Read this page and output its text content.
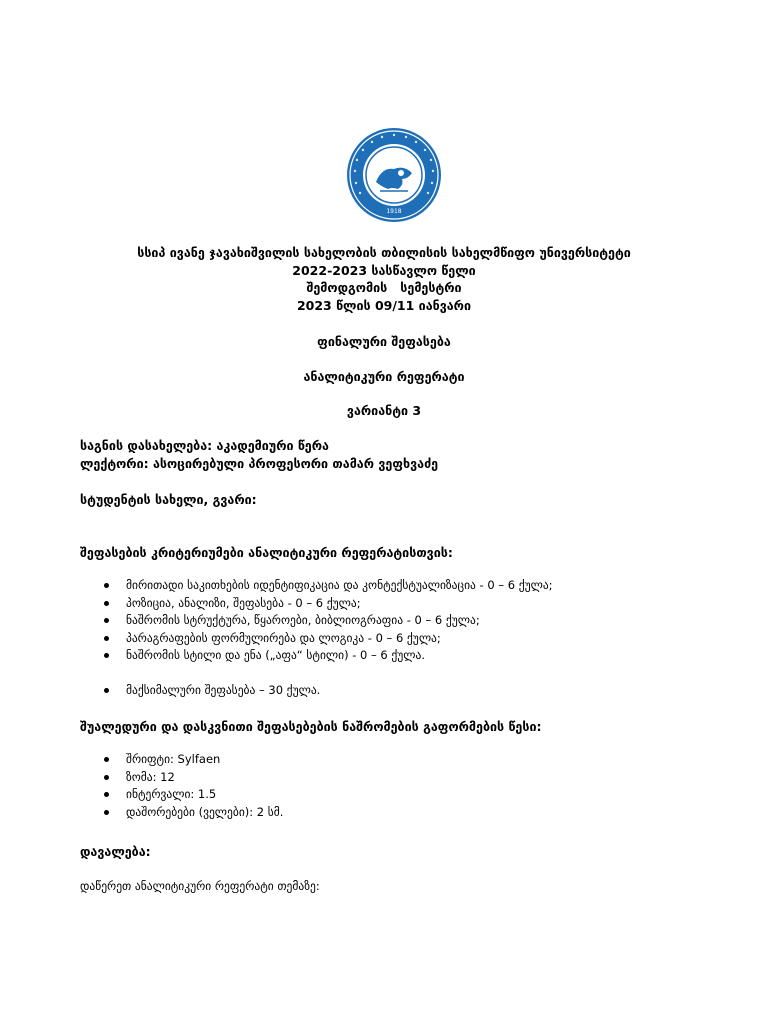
1918
სსიპ ივანე ჯავახიშვილის სახელობის თბილისის სახელმწიფო უნივერსიტეტი
2022-2023 სასწავლო წელი
შემოდგომის   სემესტრი
2023 წლის 09/11 იანვარი
ფინალური შეფასება
ანალიტიკური რეფერატი
ვარიანტი 3
საგნის დასახელება: აკადემიური წერა
ლექტორი: ასოცირებული პროფესორი თამარ ვეფხვაძე
სტუდენტის სახელი, გვარი:
შეფასების კრიტერიუმები ანალიტიკური რეფერატისთვის:
მირითადი საკითხების იდენტიფიკაცია და კონტექსტუალიზაცია - 0 – 6 ქულა;
პოზიცია, ანალიზი, შეფასება - 0 – 6 ქულა;
ნაშრომის სტრუქტურა, წყაროები, ბიბლიოგრაფია - 0 – 6 ქულა;
პარაგრაფების ფორმულირება და ლოგიკა - 0 – 6 ქულა;
ნაშრომის სტილი და ენა („აფა“ სტილი) - 0 – 6 ქულა.
მაქსიმალური შეფასება – 30 ქულა.
შუალედური და დასკვნითი შეფასებების ნაშრომების გაფორმების წესი:
შრიფტი: Sylfaen
ზომა: 12
ინტერვალი: 1.5
დაშორებები (ველები): 2 სმ.
დავალება:
დაწერეთ ანალიტიკური რეფერატი თემაზე:
